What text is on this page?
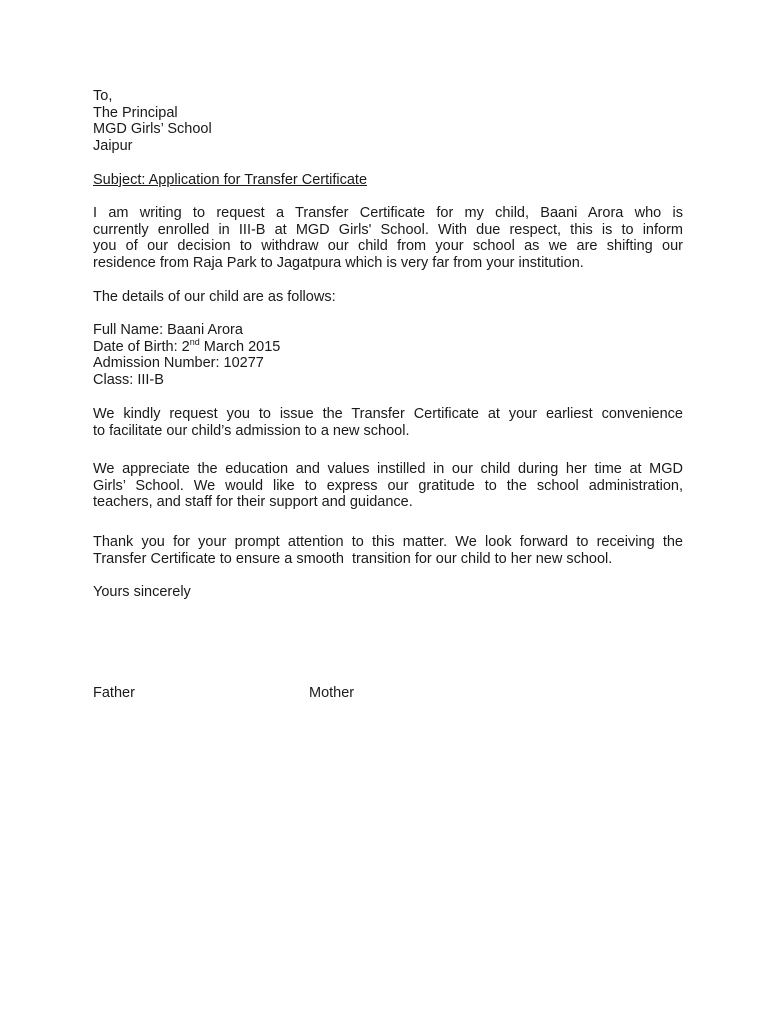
To,
The Principal
MGD Girls’ School
Jaipur
Subject: Application for Transfer Certificate
I am writing to request a Transfer Certificate for my child, Baani Arora who is
currently enrolled in III-B at MGD Girls' School. With due respect, this is to inform
you of our decision to withdraw our child from your school as we are shifting our
residence from Raja Park to Jagatpura which is very far from your institution.
The details of our child are as follows:
Full Name: Baani Arora
Date of Birth: 2nd March 2015
Admission Number: 10277
Class: III-B
We kindly request you to issue the Transfer Certificate at your earliest convenience
to facilitate our child’s admission to a new school.
We appreciate the education and values instilled in our child during her time at MGD
Girls’ School. We would like to express our gratitude to the school administration,
teachers, and staff for their support and guidance.
Thank you for your prompt attention to this matter. We look forward to receiving the
Transfer Certificate to ensure a smooth  transition for our child to her new school.
Yours sincerely
Father	Mother
